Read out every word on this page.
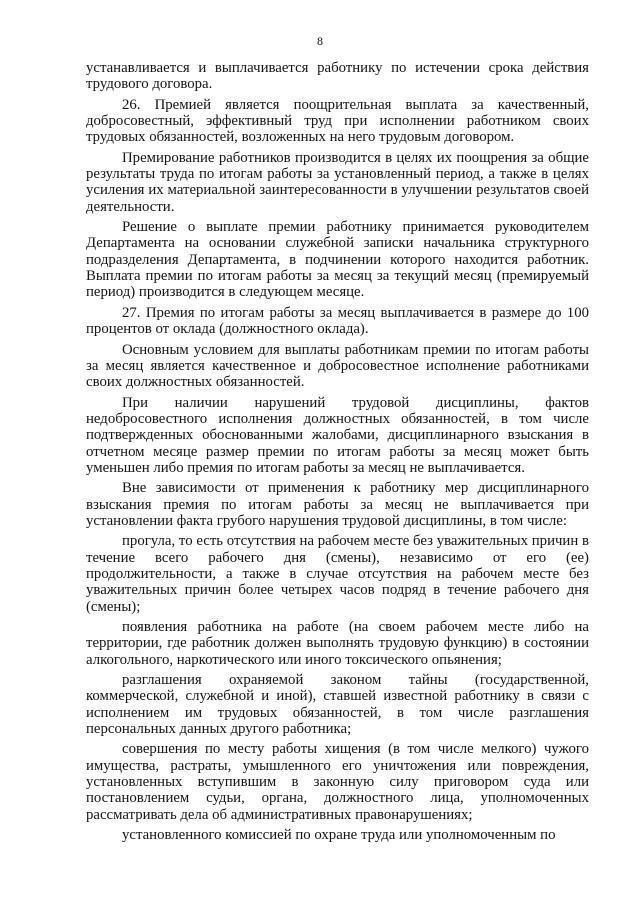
8

устанавливается и выплачивается работнику по истечении срока действия трудового договора.

26. Премией является поощрительная выплата за качественный, добросовестный, эффективный труд при исполнении работником своих трудовых обязанностей, возложенных на него трудовым договором.

Премирование работников производится в целях их поощрения за общие результаты труда по итогам работы за установленный период, а также в целях усиления их материальной заинтересованности в улучшении результатов своей деятельности.

Решение о выплате премии работнику принимается руководителем Департамента на основании служебной записки начальника структурного подразделения Департамента, в подчинении которого находится работник. Выплата премии по итогам работы за месяц за текущий месяц (премируемый период) производится в следующем месяце.

27. Премия по итогам работы за месяц выплачивается в размере до 100 процентов от оклада (должностного оклада).

Основным условием для выплаты работникам премии по итогам работы за месяц является качественное и добросовестное исполнение работниками своих должностных обязанностей.

При наличии нарушений трудовой дисциплины, фактов недобросовестного исполнения должностных обязанностей, в том числе подтвержденных обоснованными жалобами, дисциплинарного взыскания в отчетном месяце размер премии по итогам работы за месяц может быть уменьшен либо премия по итогам работы за месяц не выплачивается.

Вне зависимости от применения к работнику мер дисциплинарного взыскания премия по итогам работы за месяц не выплачивается при установлении факта грубого нарушения трудовой дисциплины, в том числе:

прогула, то есть отсутствия на рабочем месте без уважительных причин в течение всего рабочего дня (смены), независимо от его (ее) продолжительности, а также в случае отсутствия на рабочем месте без уважительных причин более четырех часов подряд в течение рабочего дня (смены);

появления работника на работе (на своем рабочем месте либо на территории, где работник должен выполнять трудовую функцию) в состоянии алкогольного, наркотического или иного токсического опьянения;

разглашения охраняемой законом тайны (государственной, коммерческой, служебной и иной), ставшей известной работнику в связи с исполнением им трудовых обязанностей, в том числе разглашения персональных данных другого работника;

совершения по месту работы хищения (в том числе мелкого) чужого имущества, растраты, умышленного его уничтожения или повреждения, установленных вступившим в законную силу приговором суда или постановлением судьи, органа, должностного лица, уполномоченных рассматривать дела об административных правонарушениях;

установленного комиссией по охране труда или уполномоченным по
